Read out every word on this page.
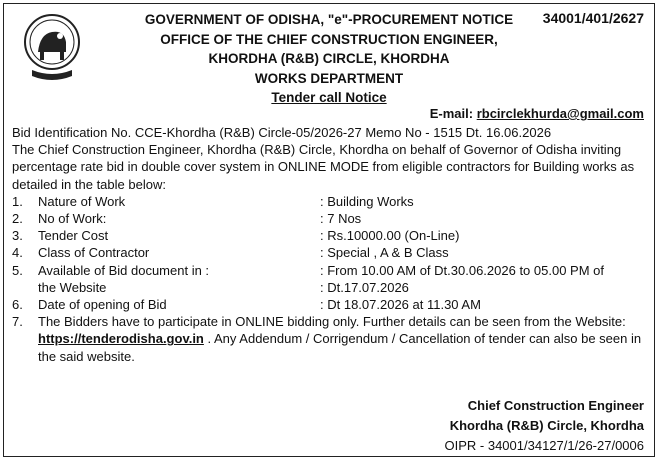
34001/401/2627
GOVERNMENT OF ODISHA, "e"-PROCUREMENT NOTICE
OFFICE OF THE CHIEF CONSTRUCTION ENGINEER,
KHORDHA (R&B) CIRCLE, KHORDHA
WORKS DEPARTMENT
Tender call Notice
E-mail: rbcirclekhurda@gmail.com

Bid Identification No. CCE-Khordha (R&B) Circle-05/2026-27 Memo No - 1515 Dt. 16.06.2026

The Chief Construction Engineer, Khordha (R&B) Circle, Khordha on behalf of Governor of Odisha inviting percentage rate bid in double cover system in ONLINE MODE from eligible contractors for Building works as detailed in the table below:

1.	Nature of Work	: Building Works
2.	No of Work:	: 7 Nos
3.	Tender Cost	: Rs.10000.00 (On-Line)
4.	Class of Contractor	: Special , A & B Class
5.	Available of Bid document in :	: From 10.00 AM of Dt.30.06.2026 to 05.00 PM of
the Website	: Dt.17.07.2026
6.	Date of opening of Bid	: Dt 18.07.2026 at 11.30 AM
7.	The Bidders have to participate in ONLINE bidding only. Further details can be seen from the Website:
https://tenderodisha.gov.in . Any Addendum / Corrigendum / Cancellation of tender can also be seen in the said website.
Chief Construction Engineer
Khordha (R&B) Circle, Khordha
OIPR - 34001/34127/1/26-27/0006
